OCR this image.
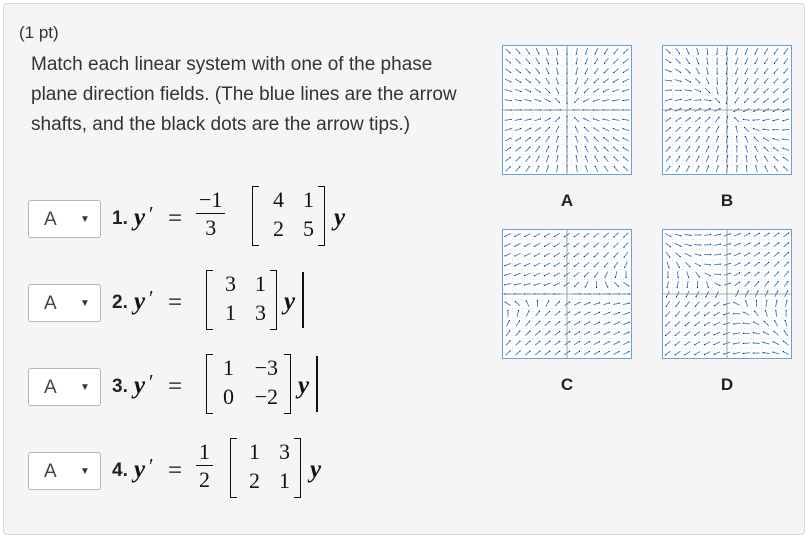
(1 pt)
Match each linear system with one of the phase plane direction fields. (The blue lines are the arrow shafts, and the black dots are the arrow tips.)
A ▼ 1. y ′ = $\frac{-1}{3}$	4 1
2 5 y
A ▼ 2. y ′ =
3 1
1 3 y
A ▼ 3. y ′ =
1 −3
0 −2 y
A ▼ 4. y ′ = $\frac{1}{2}$	1 3
2 1 y
A	B
C	D
